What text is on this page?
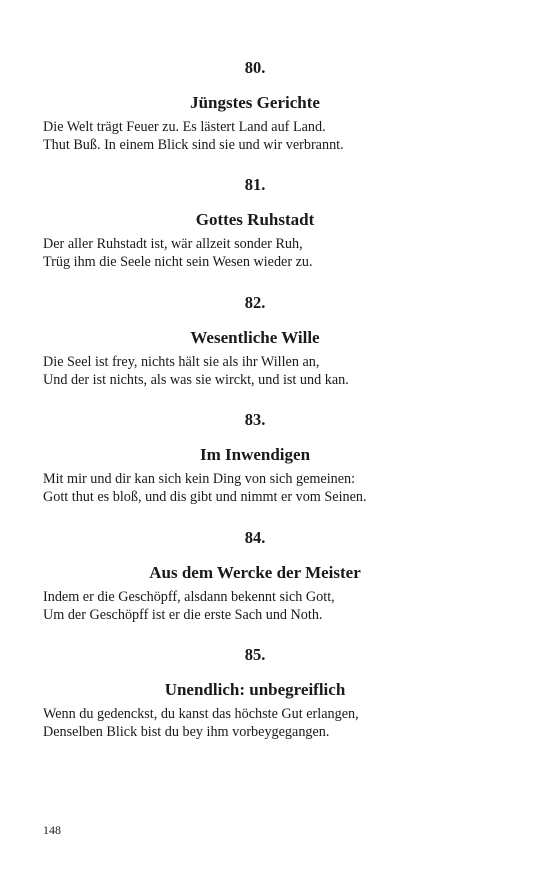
80.
Jüngstes Gerichte
Die Welt trägt Feuer zu. Es lästert Land auf Land.
Thut Buß. In einem Blick sind sie und wir verbrannt.
81.
Gottes Ruhstadt
Der aller Ruhstadt ist, wär allzeit sonder Ruh,
Trüg ihm die Seele nicht sein Wesen wieder zu.
82.
Wesentliche Wille
Die Seel ist frey, nichts hält sie als ihr Willen an,
Und der ist nichts, als was sie wirckt, und ist und kan.
83.
Im Inwendigen
Mit mir und dir kan sich kein Ding von sich gemeinen:
Gott thut es bloß, und dis gibt und nimmt er vom Seinen.
84.
Aus dem Wercke der Meister
Indem er die Geschöpff, alsdann bekennt sich Gott,
Um der Geschöpff ist er die erste Sach und Noth.
85.
Unendlich: unbegreiflich
Wenn du gedenckst, du kanst das höchste Gut erlangen,
Denselben Blick bist du bey ihm vorbeygegangen.
148
